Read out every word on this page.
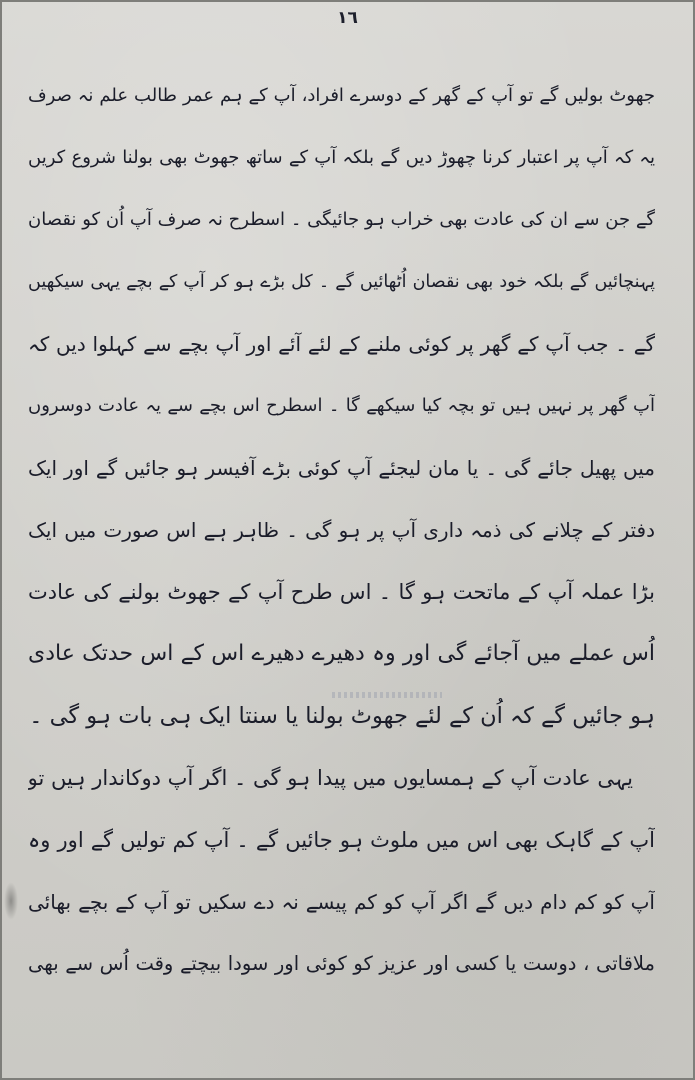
١٦
جھوٹ بولیں گے تو آپ کے گھر کے دوسرے افراد، آپ کے ہم عمر طالب علم نہ صرف
یہ کہ آپ پر اعتبار کرنا چھوڑ دیں گے بلکہ آپ کے ساتھ جھوٹ بھی بولنا شروع کریں
گے جن سے ان کی عادت بھی خراب ہو جائیگی ۔ اسطرح نہ صرف آپ اُن کو نقصان
پہنچائیں گے بلکہ خود بھی نقصان اُٹھائیں گے ۔ کل بڑے ہو کر آپ کے بچے یہی سیکھیں
گے ۔ جب آپ کے گھر پر کوئی ملنے کے لئے آئے اور آپ بچے سے کہلوا دیں کہ
آپ گھر پر نہیں ہیں تو بچہ کیا سیکھے گا ۔ اسطرح اس بچے سے یہ عادت دوسروں
میں پھیل جائے گی ۔ یا مان لیجئے آپ کوئی بڑے آفیسر ہو جائیں گے اور ایک
دفتر کے چلانے کی ذمہ داری آپ پر ہو گی ۔ ظاہر ہے اس صورت میں ایک
بڑا عملہ آپ کے ماتحت ہو گا ۔ اس طرح آپ کے جھوٹ بولنے کی عادت
اُس عملے میں آجائے گی اور وہ دھیرے دھیرے اس کے اس حدتک عادی
ہو جائیں گے کہ اُن کے لئے جھوٹ بولنا یا سنتا ایک ہی بات ہو گی ۔
یہی عادت آپ کے ہمسایوں میں پیدا ہو گی ۔ اگر آپ دوکاندار ہیں تو
آپ کے گاہک بھی اس میں ملوث ہو جائیں گے ۔ آپ کم تولیں گے اور وہ
آپ کو کم دام دیں گے اگر آپ کو کم پیسے نہ دے سکیں تو آپ کے بچے بھائی
ملاقاتی ، دوست یا کسی اور عزیز کو کوئی اور سودا بیچتے وقت اُس سے بھی
